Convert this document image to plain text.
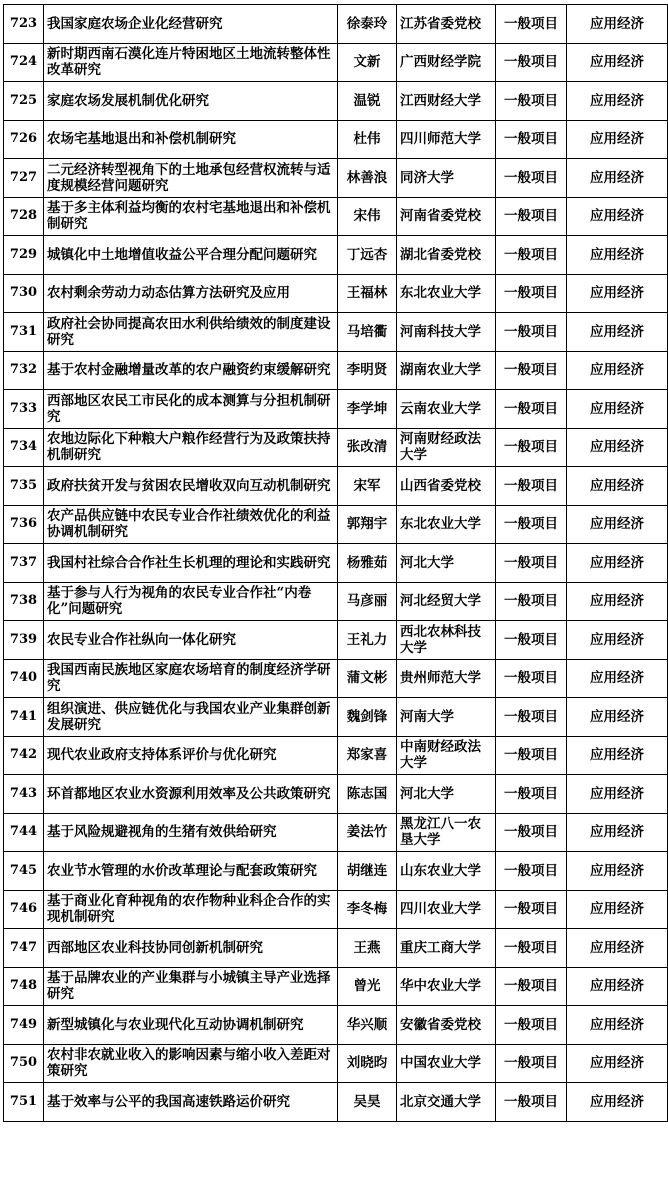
723	我国家庭农场企业化经营研究	徐泰玲	江苏省委党校	一般项目	应用经济
724	新时期西南石漠化连片特困地区土地流转整体性改革研究	文新	广西财经学院	一般项目	应用经济
725	家庭农场发展机制优化研究	温锐	江西财经大学	一般项目	应用经济
726	农场宅基地退出和补偿机制研究	杜伟	四川师范大学	一般项目	应用经济
727	二元经济转型视角下的土地承包经营权流转与适度规模经营问题研究	林善浪	同济大学	一般项目	应用经济
728	基于多主体利益均衡的农村宅基地退出和补偿机制研究	宋伟	河南省委党校	一般项目	应用经济
729	城镇化中土地增值收益公平合理分配问题研究	丁远杏	湖北省委党校	一般项目	应用经济
730	农村剩余劳动力动态估算方法研究及应用	王福林	东北农业大学	一般项目	应用经济
731	政府社会协同提高农田水利供给绩效的制度建设研究	马培衢	河南科技大学	一般项目	应用经济
732	基于农村金融增量改革的农户融资约束缓解研究	李明贤	湖南农业大学	一般项目	应用经济
733	西部地区农民工市民化的成本测算与分担机制研究	李学坤	云南农业大学	一般项目	应用经济
734	农地边际化下种粮大户粮作经营行为及政策扶持机制研究	张改清	河南财经政法大学	一般项目	应用经济
735	政府扶贫开发与贫困农民增收双向互动机制研究	宋军	山西省委党校	一般项目	应用经济
736	农产品供应链中农民专业合作社绩效优化的利益协调机制研究	郭翔宇	东北农业大学	一般项目	应用经济
737	我国村社综合合作社生长机理的理论和实践研究	杨雅茹	河北大学	一般项目	应用经济
738	基于参与人行为视角的农民专业合作社“内卷化”问题研究	马彦丽	河北经贸大学	一般项目	应用经济
739	农民专业合作社纵向一体化研究	王礼力	西北农林科技大学	一般项目	应用经济
740	我国西南民族地区家庭农场培育的制度经济学研究	蒲文彬	贵州师范大学	一般项目	应用经济
741	组织演进、供应链优化与我国农业产业集群创新发展研究	魏剑锋	河南大学	一般项目	应用经济
742	现代农业政府支持体系评价与优化研究	郑家喜	中南财经政法大学	一般项目	应用经济
743	环首都地区农业水资源利用效率及公共政策研究	陈志国	河北大学	一般项目	应用经济
744	基于风险规避视角的生猪有效供给研究	姜法竹	黑龙江八一农垦大学	一般项目	应用经济
745	农业节水管理的水价改革理论与配套政策研究	胡继连	山东农业大学	一般项目	应用经济
746	基于商业化育种视角的农作物种业科企合作的实现机制研究	李冬梅	四川农业大学	一般项目	应用经济
747	西部地区农业科技协同创新机制研究	王燕	重庆工商大学	一般项目	应用经济
748	基于品牌农业的产业集群与小城镇主导产业选择研究	曾光	华中农业大学	一般项目	应用经济
749	新型城镇化与农业现代化互动协调机制研究	华兴顺	安徽省委党校	一般项目	应用经济
750	农村非农就业收入的影响因素与缩小收入差距对策研究	刘晓昀	中国农业大学	一般项目	应用经济
751	基于效率与公平的我国高速铁路运价研究	吴昊	北京交通大学	一般项目	应用经济
